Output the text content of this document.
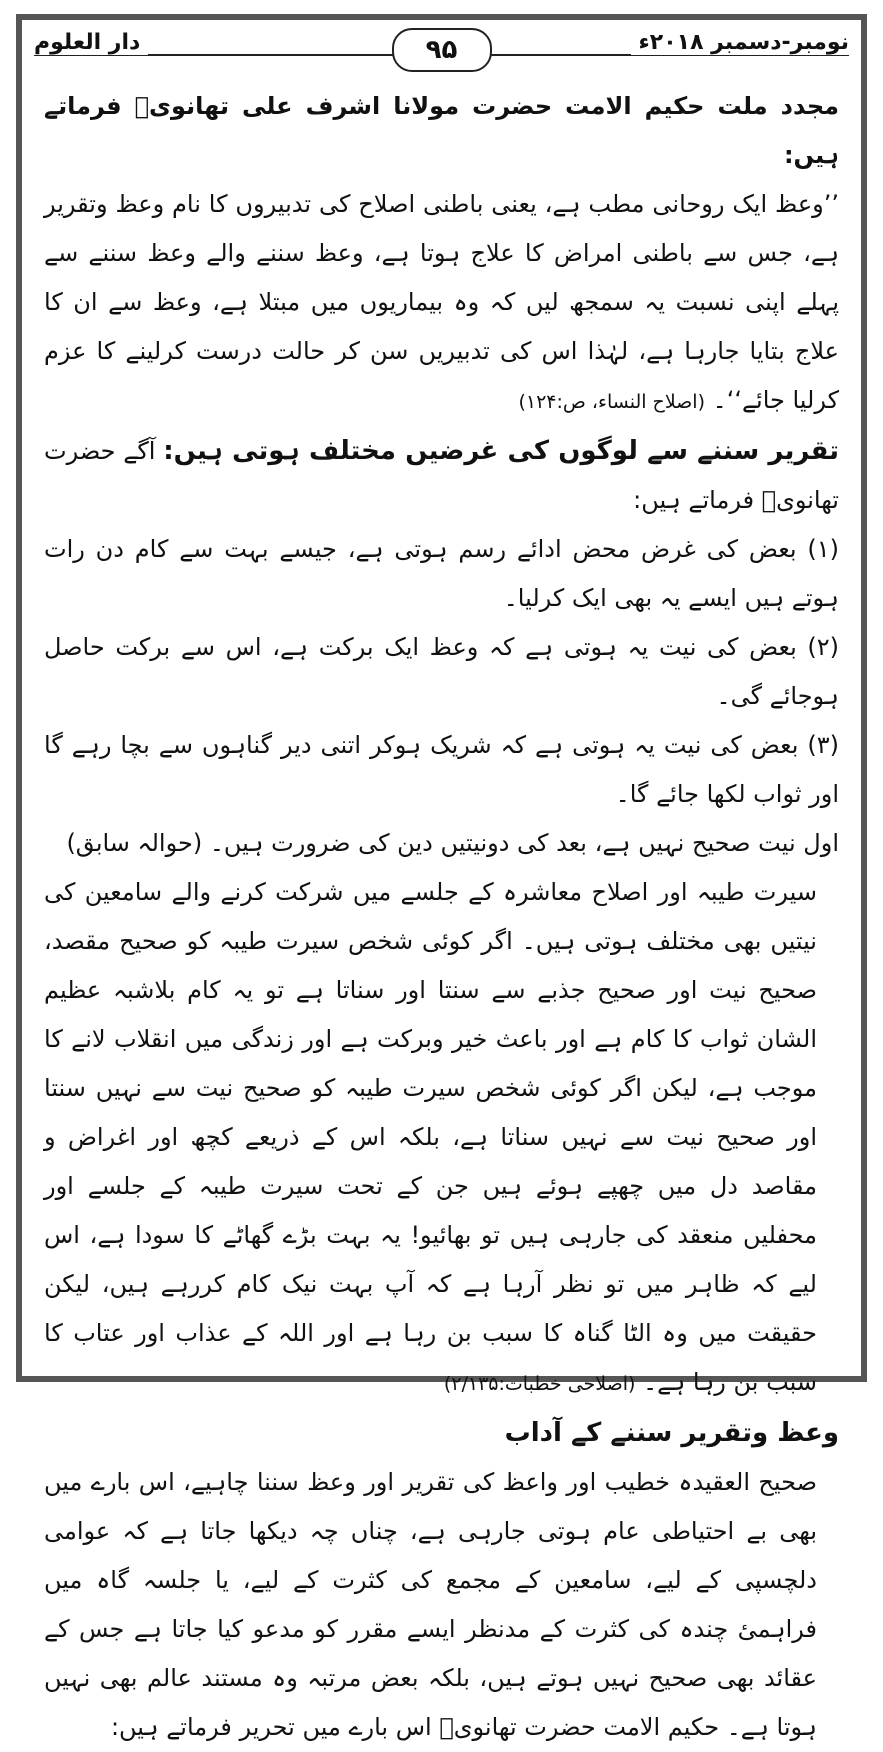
دار العلوم	۹۵	نومبر-دسمبر ۲۰۱۸ء

مجدد ملت حکیم الامت حضرت مولانا اشرف علی تھانویؒ فرماتے ہیں:

’’وعظ ایک روحانی مطب ہے، یعنی باطنی اصلاح کی تدبیروں کا نام وعظ وتقریر ہے، جس سے باطنی امراض کا علاج ہوتا ہے، وعظ سننے والے وعظ سننے سے پہلے اپنی نسبت یہ سمجھ لیں کہ وہ بیماریوں میں مبتلا ہے، وعظ سے ان کا علاج بتایا جارہا ہے، لہٰذا اس کی تدبیریں سن کر حالت درست کرلینے کا عزم کرلیا جائے‘‘۔ (اصلاح النساء، ص:۱۲۴)

تقریر سننے سے لوگوں کی غرضیں مختلف ہوتی ہیں: آگے حضرت تھانویؒ فرماتے ہیں:

(۱) بعض کی غرض محض ادائے رسم ہوتی ہے، جیسے بہت سے کام دن رات ہوتے ہیں ایسے یہ بھی ایک کرلیا۔

(۲) بعض کی نیت یہ ہوتی ہے کہ وعظ ایک برکت ہے، اس سے برکت حاصل ہوجائے گی۔

(۳) بعض کی نیت یہ ہوتی ہے کہ شریک ہوکر اتنی دیر گناہوں سے بچا رہے گا اور ثواب لکھا جائے گا۔

اول نیت صحیح نہیں ہے، بعد کی دونیتیں دین کی ضرورت ہیں۔ (حوالہ سابق)

سیرت طیبہ اور اصلاح معاشرہ کے جلسے میں شرکت کرنے والے سامعین کی نیتیں بھی مختلف ہوتی ہیں۔ اگر کوئی شخص سیرت طیبہ کو صحیح مقصد، صحیح نیت اور صحیح جذبے سے سنتا اور سناتا ہے تو یہ کام بلاشبہ عظیم الشان ثواب کا کام ہے اور باعث خیر وبرکت ہے اور زندگی میں انقلاب لانے کا موجب ہے، لیکن اگر کوئی شخص سیرت طیبہ کو صحیح نیت سے نہیں سنتا اور صحیح نیت سے نہیں سناتا ہے، بلکہ اس کے ذریعے کچھ اور اغراض و مقاصد دل میں چھپے ہوئے ہیں جن کے تحت سیرت طیبہ کے جلسے اور محفلیں منعقد کی جارہی ہیں تو بھائیو! یہ بہت بڑے گھاٹے کا سودا ہے، اس لیے کہ ظاہر میں تو نظر آرہا ہے کہ آپ بہت نیک کام کررہے ہیں، لیکن حقیقت میں وہ الٹا گناہ کا سبب بن رہا ہے اور اللہ کے عذاب اور عتاب کا سبب بن رہا ہے۔ (اصلاحی خطبات:۲/۱۳۵)

وعظ وتقریر سننے کے آداب

صحیح العقیدہ خطیب اور واعظ کی تقریر اور وعظ سننا چاہیے، اس بارے میں بھی بے احتیاطی عام ہوتی جارہی ہے، چناں چہ دیکھا جاتا ہے کہ عوامی دلچسپی کے لیے، سامعین کے مجمع کی کثرت کے لیے، یا جلسہ گاہ میں فراہمیٔ چندہ کی کثرت کے مدنظر ایسے مقرر کو مدعو کیا جاتا ہے جس کے عقائد بھی صحیح نہیں ہوتے ہیں، بلکہ بعض مرتبہ وہ مستند عالم بھی نہیں ہوتا ہے۔ حکیم الامت حضرت تھانویؒ اس بارے میں تحریر فرماتے ہیں:
